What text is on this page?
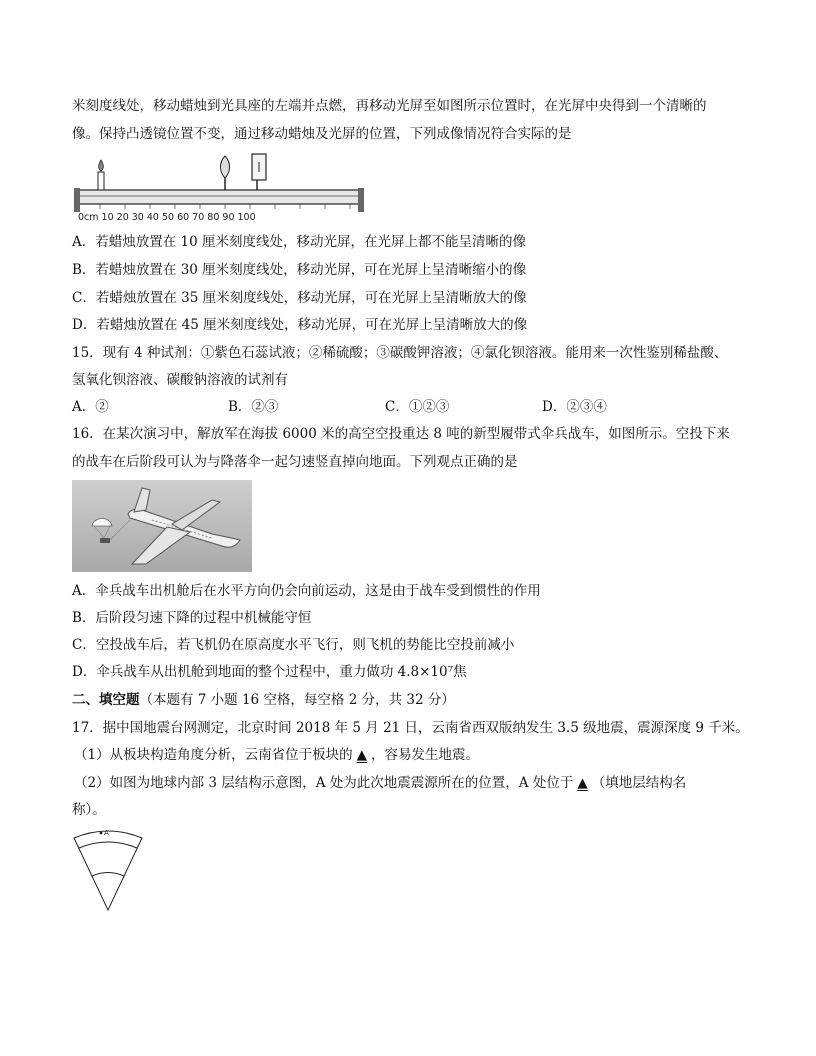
米刻度线处，移动蜡烛到光具座的左端并点燃，再移动光屏至如图所示位置时，在光屏中央得到一个清晰的
像。保持凸透镜位置不变，通过移动蜡烛及光屏的位置，下列成像情况符合实际的是
0cm 10 20 30 40 50 60 70 80 90 100
A．若蜡烛放置在 10 厘米刻度线处，移动光屏，在光屏上都不能呈清晰的像
B．若蜡烛放置在 30 厘米刻度线处，移动光屏，可在光屏上呈清晰缩小的像
C．若蜡烛放置在 35 厘米刻度线处，移动光屏，可在光屏上呈清晰放大的像
D．若蜡烛放置在 45 厘米刻度线处，移动光屏，可在光屏上呈清晰放大的像
15．现有 4 种试剂：①紫色石蕊试液；②稀硫酸；③碳酸钾溶液；④氯化钡溶液。能用来一次性鉴别稀盐酸、
氢氧化钡溶液、碳酸钠溶液的试剂有
A．②	B．②③	C．①②③	D．②③④
16．在某次演习中，解放军在海拔 6000 米的高空空投重达 8 吨的新型履带式伞兵战车，如图所示。空投下来
的战车在后阶段可认为与降落伞一起匀速竖直掉向地面。下列观点正确的是
A．伞兵战车出机舱后在水平方向仍会向前运动，这是由于战车受到惯性的作用
B．后阶段匀速下降的过程中机械能守恒
C．空投战车后，若飞机仍在原高度水平飞行，则飞机的势能比空投前减小
D．伞兵战车从出机舱到地面的整个过程中，重力做功 4.8×10⁷焦
二、填空题（本题有 7 小题 16 空格，每空格 2 分，共 32 分）
17．据中国地震台网测定，北京时间 2018 年 5 月 21 日，云南省西双版纳发生 3.5 级地震，震源深度 9 千米。
（1）从板块构造角度分析，云南省位于板块的 ▲ ，容易发生地震。
（2）如图为地球内部 3 层结构示意图，A 处为此次地震震源所在的位置，A 处位于 ▲ （填地层结构名
称）。
A
